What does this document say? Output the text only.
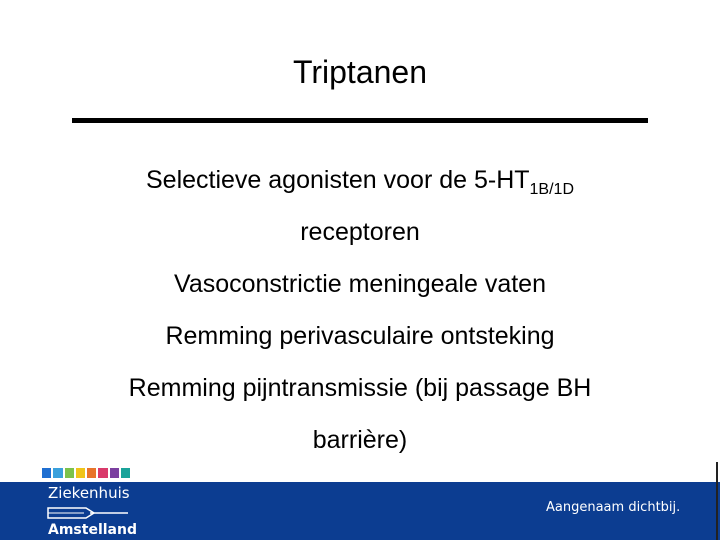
Triptanen
Selectieve agonisten voor de $5-HT_{1B/1D}$
receptoren
Vasoconstrictie meningeale vaten
Remming perivasculaire ontsteking
Remming pijntransmissie (bij passage BH
barrière)
Ziekenhuis
Amstelland
Aangenaam dichtbij.
